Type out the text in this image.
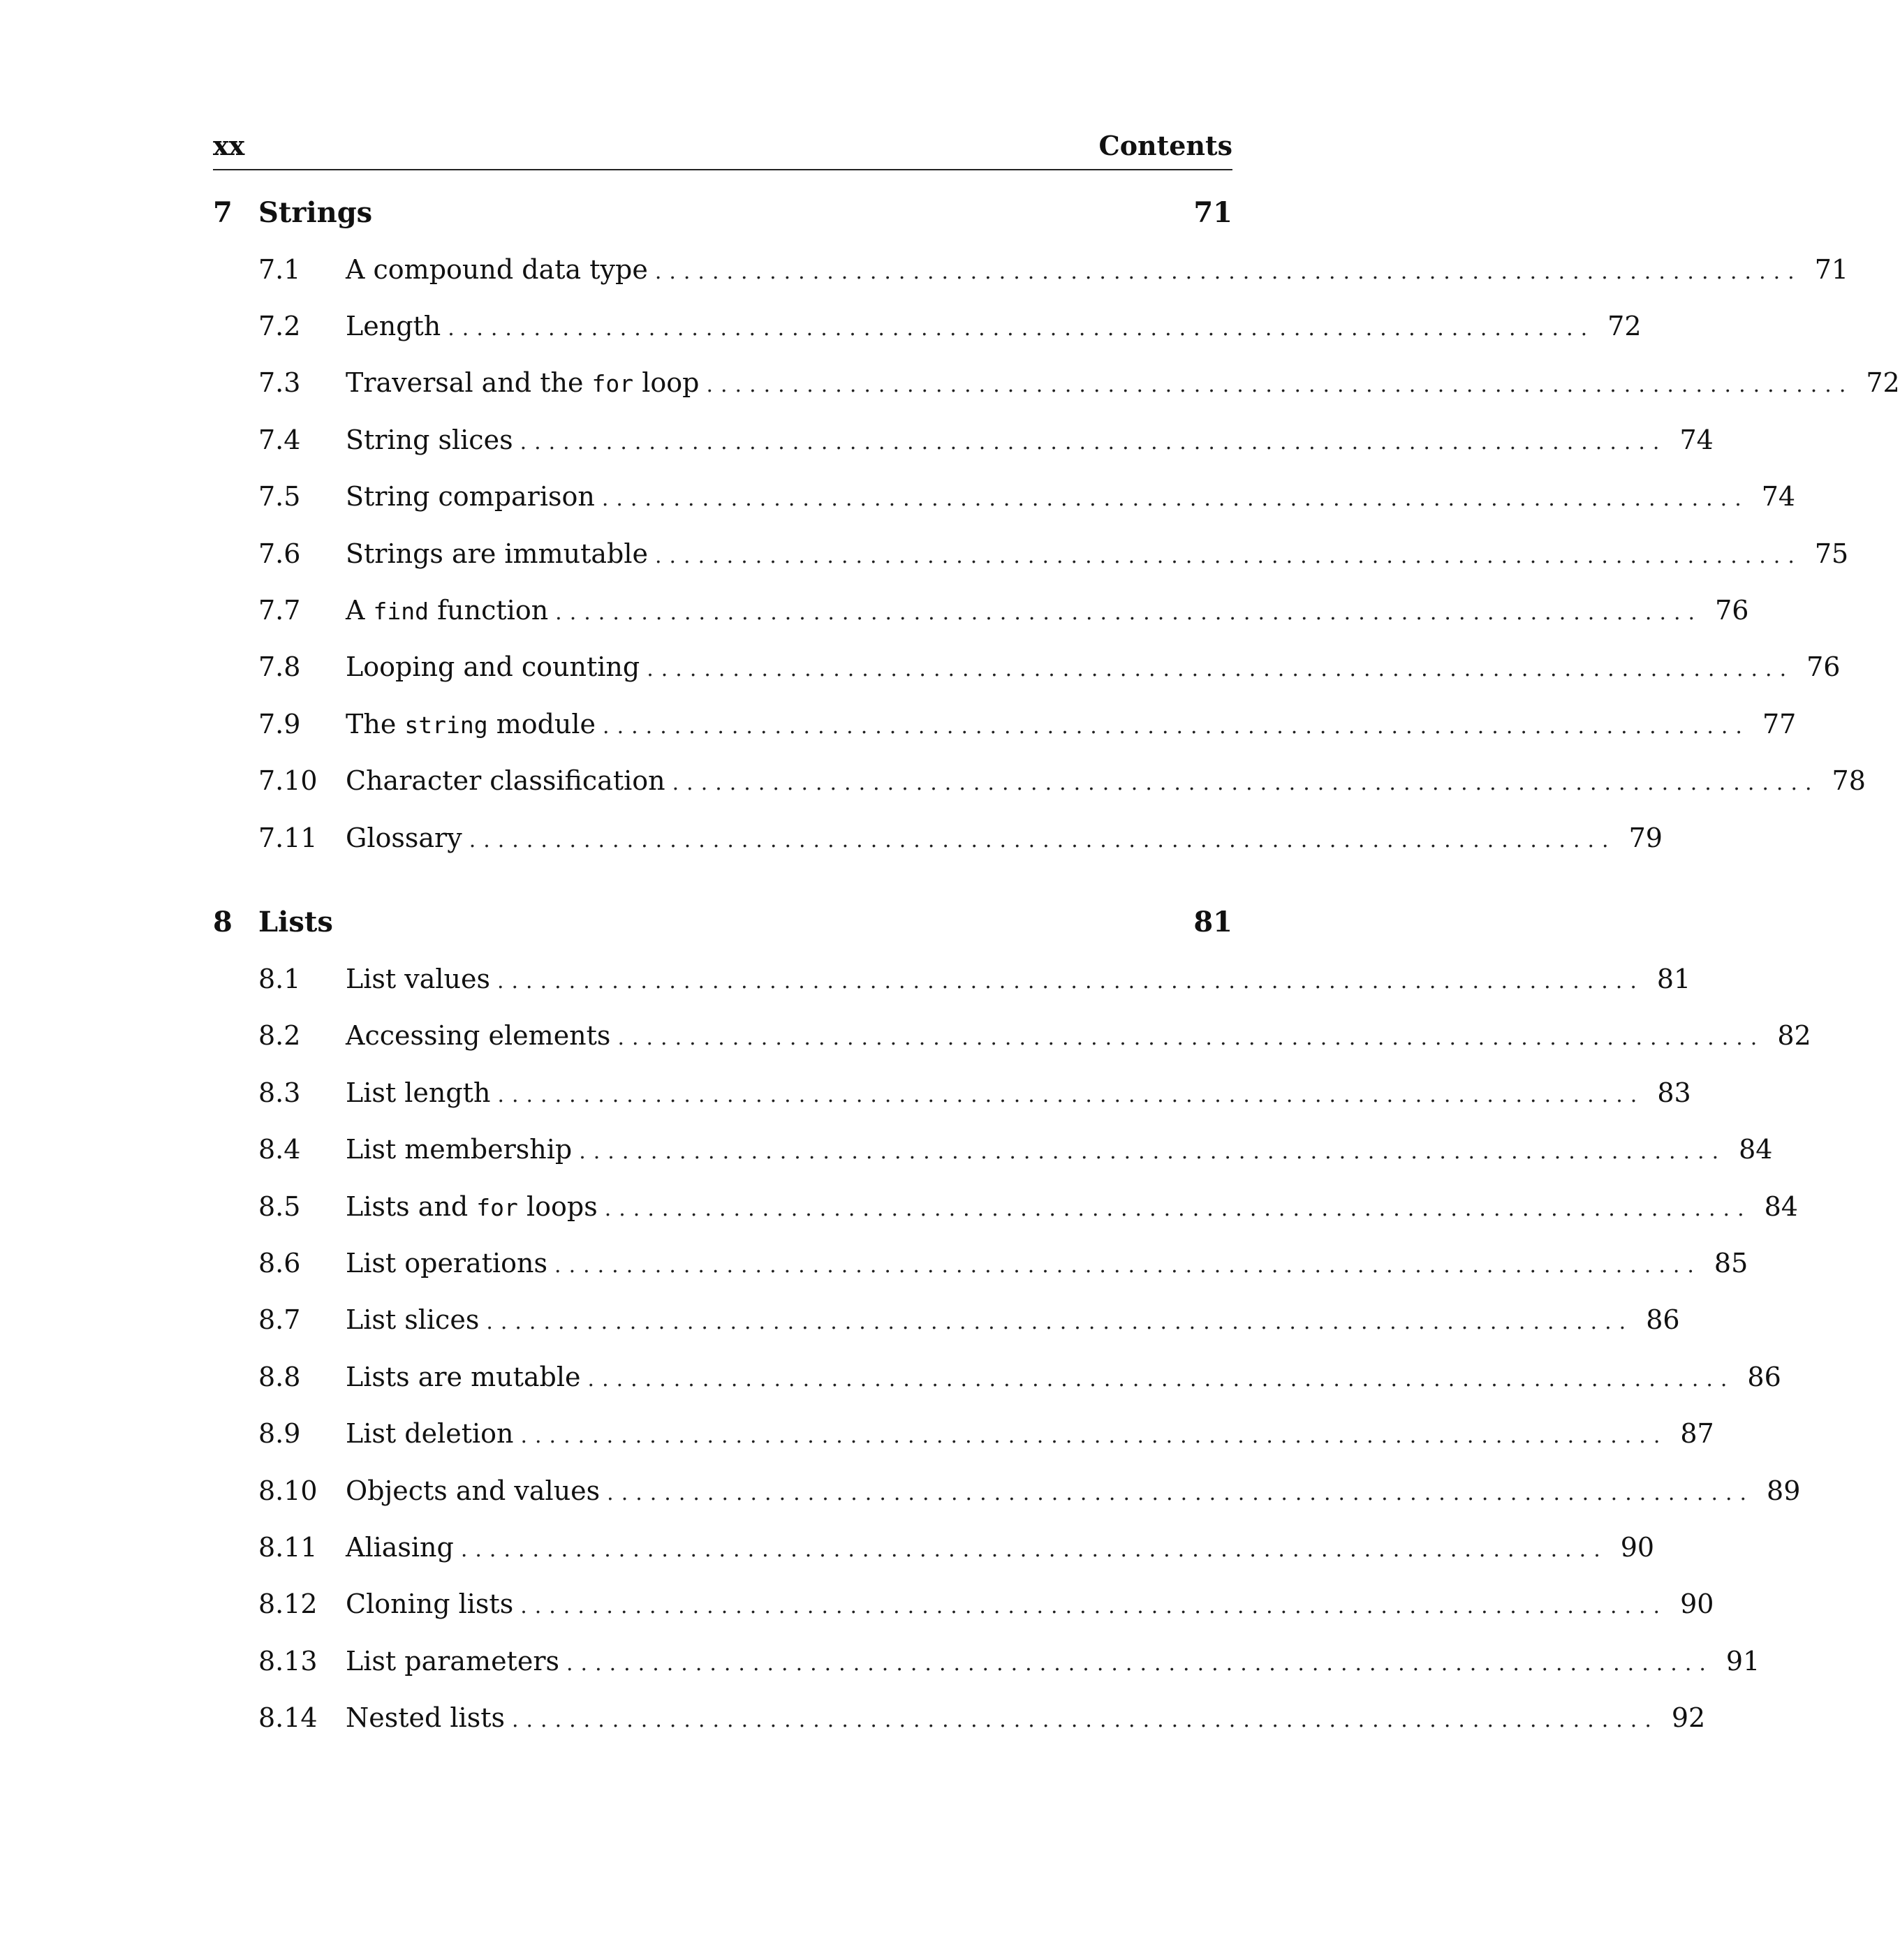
xx	Contents
7 Strings	71
7.1 A compound data type ................................................................................ 71
7.2 Length ................................................................................ 72
7.3 Traversal and the for loop ................................................................................ 72
7.4 String slices ................................................................................ 74
7.5 String comparison ................................................................................ 74
7.6 Strings are immutable ................................................................................ 75
7.7 A find function ................................................................................ 76
7.8 Looping and counting ................................................................................ 76
7.9 The string module ................................................................................ 77
7.10 Character classification ................................................................................ 78
7.11 Glossary ................................................................................ 79
8 Lists	81
8.1 List values ................................................................................ 81
8.2 Accessing elements ................................................................................ 82
8.3 List length ................................................................................ 83
8.4 List membership ................................................................................ 84
8.5 Lists and for loops ................................................................................ 84
8.6 List operations ................................................................................ 85
8.7 List slices ................................................................................ 86
8.8 Lists are mutable ................................................................................ 86
8.9 List deletion ................................................................................ 87
8.10 Objects and values ................................................................................ 89
8.11 Aliasing ................................................................................ 90
8.12 Cloning lists ................................................................................ 90
8.13 List parameters ................................................................................ 91
8.14 Nested lists ................................................................................ 92
